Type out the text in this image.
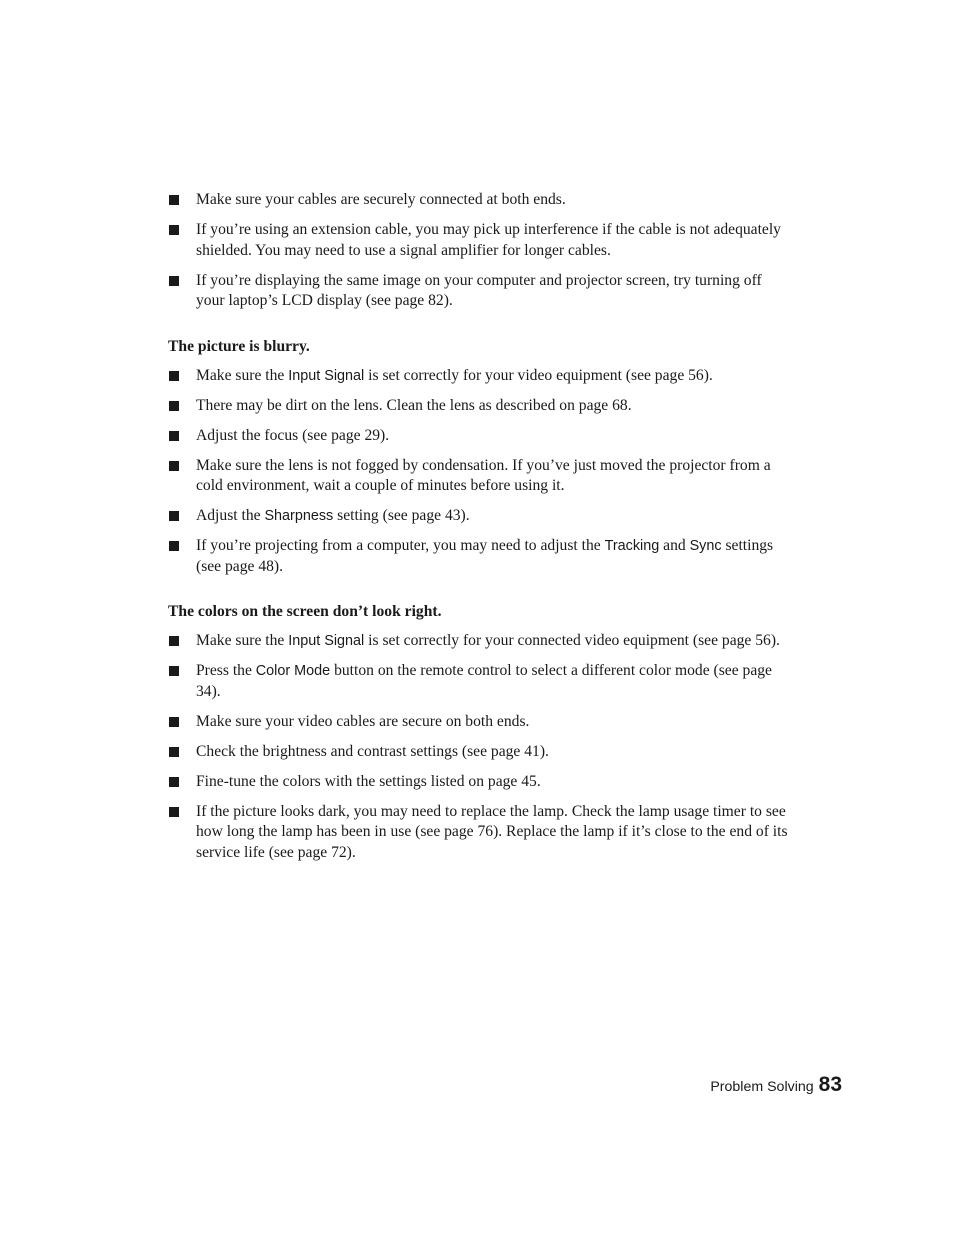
Make sure your cables are securely connected at both ends.
If you’re using an extension cable, you may pick up interference if the cable is not adequately shielded. You may need to use a signal amplifier for longer cables.
If you’re displaying the same image on your computer and projector screen, try turning off your laptop’s LCD display (see page 82).
The picture is blurry.
Make sure the Input Signal is set correctly for your video equipment (see page 56).
There may be dirt on the lens. Clean the lens as described on page 68.
Adjust the focus (see page 29).
Make sure the lens is not fogged by condensation. If you’ve just moved the projector from a cold environment, wait a couple of minutes before using it.
Adjust the Sharpness setting (see page 43).
If you’re projecting from a computer, you may need to adjust the Tracking and Sync settings (see page 48).
The colors on the screen don’t look right.
Make sure the Input Signal is set correctly for your connected video equipment (see page 56).
Press the Color Mode button on the remote control to select a different color mode (see page 34).
Make sure your video cables are secure on both ends.
Check the brightness and contrast settings (see page 41).
Fine-tune the colors with the settings listed on page 45.
If the picture looks dark, you may need to replace the lamp. Check the lamp usage timer to see how long the lamp has been in use (see page 76). Replace the lamp if it’s close to the end of its service life (see page 72).
Problem Solving 83
